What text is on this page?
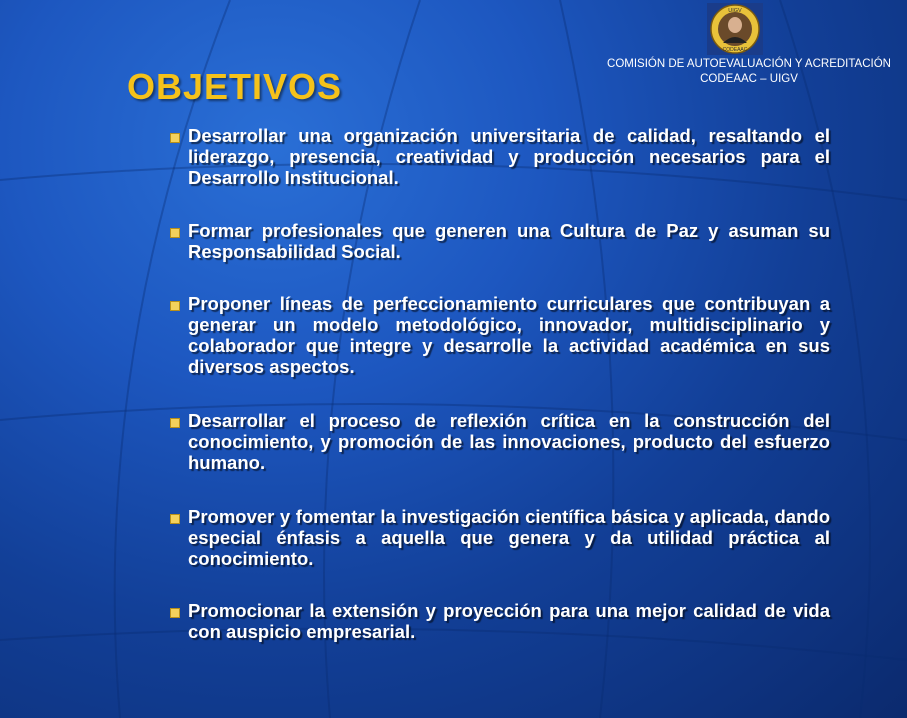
UIGV
CODEAAC
COMISIÓN DE AUTOEVALUACIÓN Y ACREDITACIÓN
CODEAAC – UIGV
OBJETIVOS
Desarrollar una organización universitaria de calidad, resaltando el liderazgo, presencia, creatividad y producción necesarios para el Desarrollo Institucional.
Formar profesionales que generen una Cultura de Paz y asuman su Responsabilidad Social.
Proponer líneas de perfeccionamiento curriculares que contribuyan a generar un modelo metodológico, innovador, multidisciplinario y colaborador que integre y desarrolle la actividad académica en sus diversos aspectos.
Desarrollar el proceso de reflexión crítica en la construcción del conocimiento, y promoción de las innovaciones, producto del esfuerzo humano.
Promover y fomentar la investigación científica básica y aplicada, dando especial énfasis a aquella que genera y da utilidad práctica al conocimiento.
Promocionar la extensión y proyección para una mejor calidad de vida con auspicio empresarial.
